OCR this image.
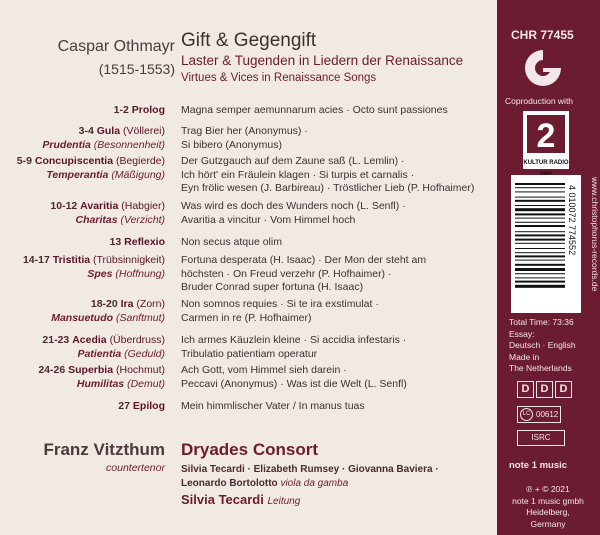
Caspar Othmayr
(1515-1553)
Gift & Gegengift
Laster & Tugenden in Liedern der Renaissance
Virtues & Vices in Renaissance Songs
1-2 Prolog Magna semper aemunnarum acies · Octo sunt passiones
3-4 Gula (Völlerei)
Prudentia (Besonnenheit)
Trag Bier her (Anonymus) ·
Si bibero (Anonymus)
5-9 Concupiscentia (Begierde)
Temperantia (Mäßigung)
Der Gutzgauch auf dem Zaune saß (L. Lemlin) ·
Ich hört' ein Fräulein klagen · Si turpis et carnalis ·
Eyn frölic wesen (J. Barbireau) · Tröstlicher Lieb (P. Hofhaimer)
10-12 Avaritia (Habgier)
Charitas (Verzicht)
Was wird es doch des Wunders noch (L. Senfl) ·
Avaritia a vincitur · Vom Himmel hoch
13 Reflexio Non secus atque olim
14-17 Tristitia (Trübsinnigkeit)
Spes (Hoffnung)
Fortuna desperata (H. Isaac) · Der Mon der steht am
höchsten · On Freud verzehr (P. Hofhaimer) ·
Bruder Conrad super fortuna (H. Isaac)
18-20 Ira (Zorn)
Mansuetudo (Sanftmut)
Non somnos requies · Si te ira exstimulat ·
Carmen in re (P. Hofhaimer)
21-23 Acedia (Überdruss)
Patientia (Geduld)
Ich armes Käuzlein kleine · Si accidia infestaris ·
Tribulatio patientiam operatur
24-26 Superbia (Hochmut)
Humilitas (Demut)
Ach Gott, vom Himmel sieh darein ·
Peccavi (Anonymus) · Was ist die Welt (L. Senfl)
27 Epilog Mein himmlischer Vater / In manus tuas
Franz Vitzthum
countertenor
Dryades Consort
Silvia Tecardi · Elizabeth Rumsey · Giovanna Baviera ·
Leonardo Bortolotto viola da gamba
Silvia Tecardi Leitung
CHR 77455
Coproduction with
2
KULTUR RADIO
4 010072 774552 www.christophorus-records.de
Total Time: 73:36
Essay:
Deutsch · English
Made in
The Netherlands
D	D	D
LC 00612
ISRC
note 1 music
℗ + © 2021
note 1 music gmbh
Heidelberg, Germany
